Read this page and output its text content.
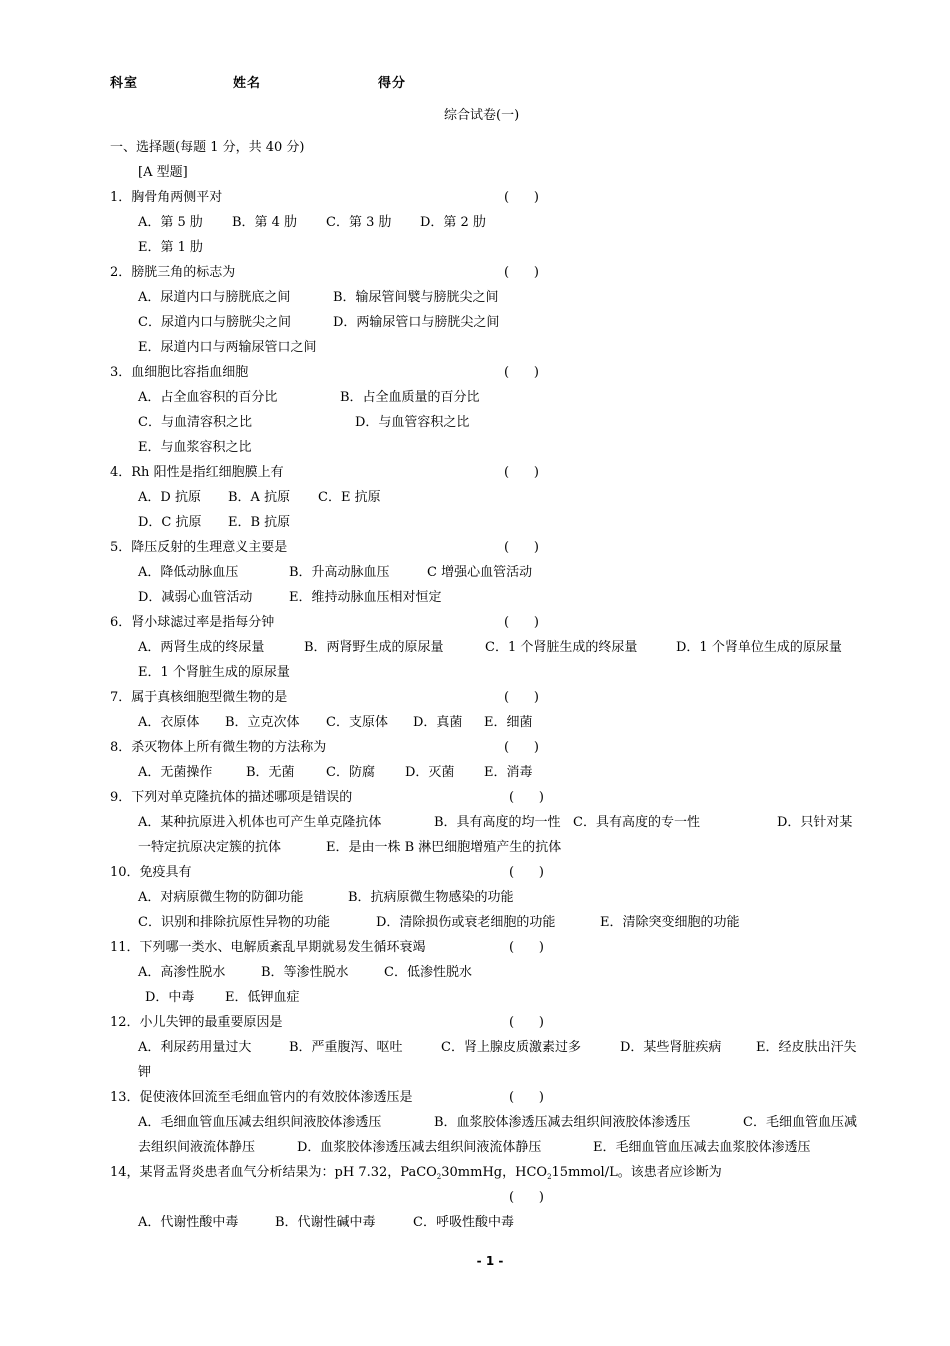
科室	姓名	得分
综合试卷(一)
一、选择题(每题 1 分，共 40 分)
[A 型题]
1．胸骨角两侧平对	(      )
A．第 5 肋 B．第 4 肋 C．第 3 肋 D．第 2 肋
E．第 1 肋
2．膀胱三角的标志为	(      )
A．尿道内口与膀胱底之间	B．输尿管间襞与膀胱尖之间
C．尿道内口与膀胱尖之间	D．两输尿管口与膀胱尖之间
E．尿道内口与两输尿管口之间
3．血细胞比容指血细胞	(      )
A．占全血容积的百分比	B．占全血质量的百分比
C．与血清容积之比	D．与血管容积之比
E．与血浆容积之比
4．Rh 阳性是指红细胞膜上有	(      )
A．D 抗原 B．A 抗原 C．E 抗原
D．C 抗原 E．B 抗原
5．降压反射的生理意义主要是	(      )
A．降低动脉血压	B．升高动脉血压	C 增强心血管活动
D．减弱心血管活动	E．维持动脉血压相对恒定
6．肾小球滤过率是指每分钟	(      )
A．两肾生成的终尿量	B．两肾野生成的原尿量	C．1 个肾脏生成的终尿量	D．1 个肾单位生成的原尿量
E．1 个肾脏生成的原尿量
7．属于真核细胞型微生物的是	(      )
A．衣原体 B．立克次体 C．支原体 D．真菌 E．细菌
8．杀灭物体上所有微生物的方法称为	(      )
A．无菌操作	B．无菌 C．防腐 D．灭菌 E．消毒
9．下列对单克隆抗体的描述哪项是错误的	(      )
A．某种抗原进入机体也可产生单克隆抗体	B．具有高度的均一性 C．具有高度的专一性	D．只针对某
一特定抗原决定簇的抗体	E．是由一株 B 淋巴细胞增殖产生的抗体
10．免疫具有	(      )
A．对病原微生物的防御功能	B．抗病原微生物感染的功能
C．识别和排除抗原性异物的功能	D．清除损伤或衰老细胞的功能	E．清除突变细胞的功能
11．下列哪一类水、电解质紊乱早期就易发生循环衰竭	(      )
A．高渗性脱水	B．等渗性脱水	C．低渗性脱水
D．中毒 E．低钾血症
12．小儿失钾的最重要原因是	(      )
A．利尿药用量过大	B．严重腹泻、呕吐	C．肾上腺皮质激素过多	D．某些肾脏疾病	E．经皮肤出汗失
钾
13．促使液体回流至毛细血管内的有效胶体渗透压是	(      )
A．毛细血管血压减去组织间液胶体渗透压	B．血浆胶体渗透压减去组织间液胶体渗透压	C．毛细血管血压减
去组织间液流体静压	D．血浆胶体渗透压减去组织间液流体静压	E．毛细血管血压减去血浆胶体渗透压
14，某肾盂肾炎患者血气分析结果为：pH 7.32，PaCO$_2$30mmHg，$HCO_215mmol/L$。该患者应诊断为
(      )
A．代谢性酸中毒	B．代谢性碱中毒	C．呼吸性酸中毒
- 1 -
